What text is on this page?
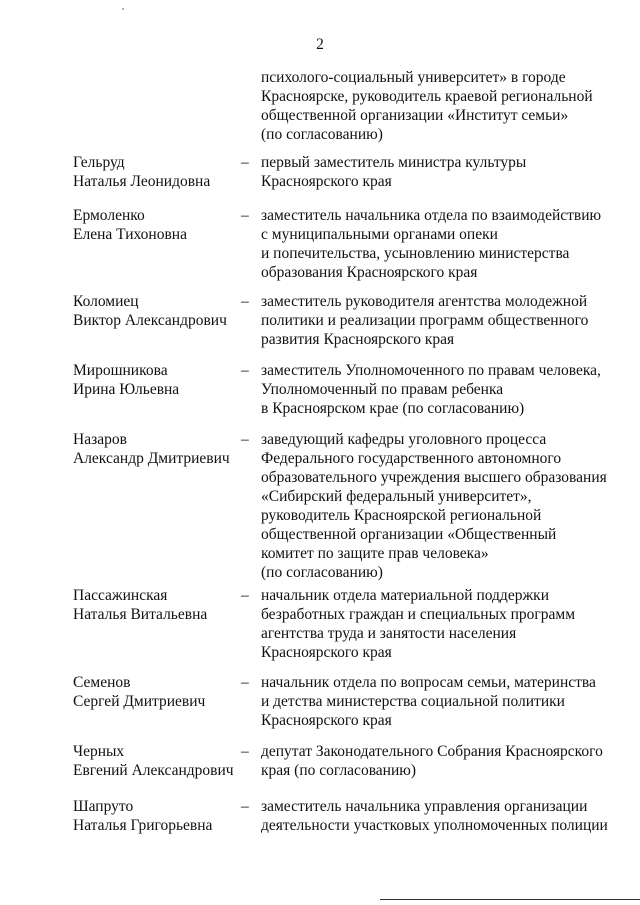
2
психолого-социальный университет» в городе
Красноярске, руководитель краевой региональной
общественной организации «Институт семьи»
(по согласованию)
Гельруд
Наталья Леонидовна
– первый заместитель министра культуры
Красноярского края
Ермоленко
Елена Тихоновна
– заместитель начальника отдела по взаимодействию
с муниципальными органами опеки
и попечительства, усыновлению министерства
образования Красноярского края
Коломиец
Виктор Александрович
– заместитель руководителя агентства молодежной
политики и реализации программ общественного
развития Красноярского края
Мирошникова
Ирина Юльевна
– заместитель Уполномоченного по правам человека,
Уполномоченный по правам ребенка
в Красноярском крае (по согласованию)
Назаров
Александр Дмитриевич
– заведующий кафедры уголовного процесса
Федерального государственного автономного
образовательного учреждения высшего образования
«Сибирский федеральный университет»,
руководитель Красноярской региональной
общественной организации «Общественный
комитет по защите прав человека»
(по согласованию)
Пассажинская
Наталья Витальевна
– начальник отдела материальной поддержки
безработных граждан и специальных программ
агентства труда и занятости населения
Красноярского края
Семенов
Сергей Дмитриевич
– начальник отдела по вопросам семьи, материнства
и детства министерства социальной политики
Красноярского края
Черных
Евгений Александрович
– депутат Законодательного Собрания Красноярского
края (по согласованию)
Шапруто
Наталья Григорьевна
– заместитель начальника управления организации
деятельности участковых уполномоченных полиции
